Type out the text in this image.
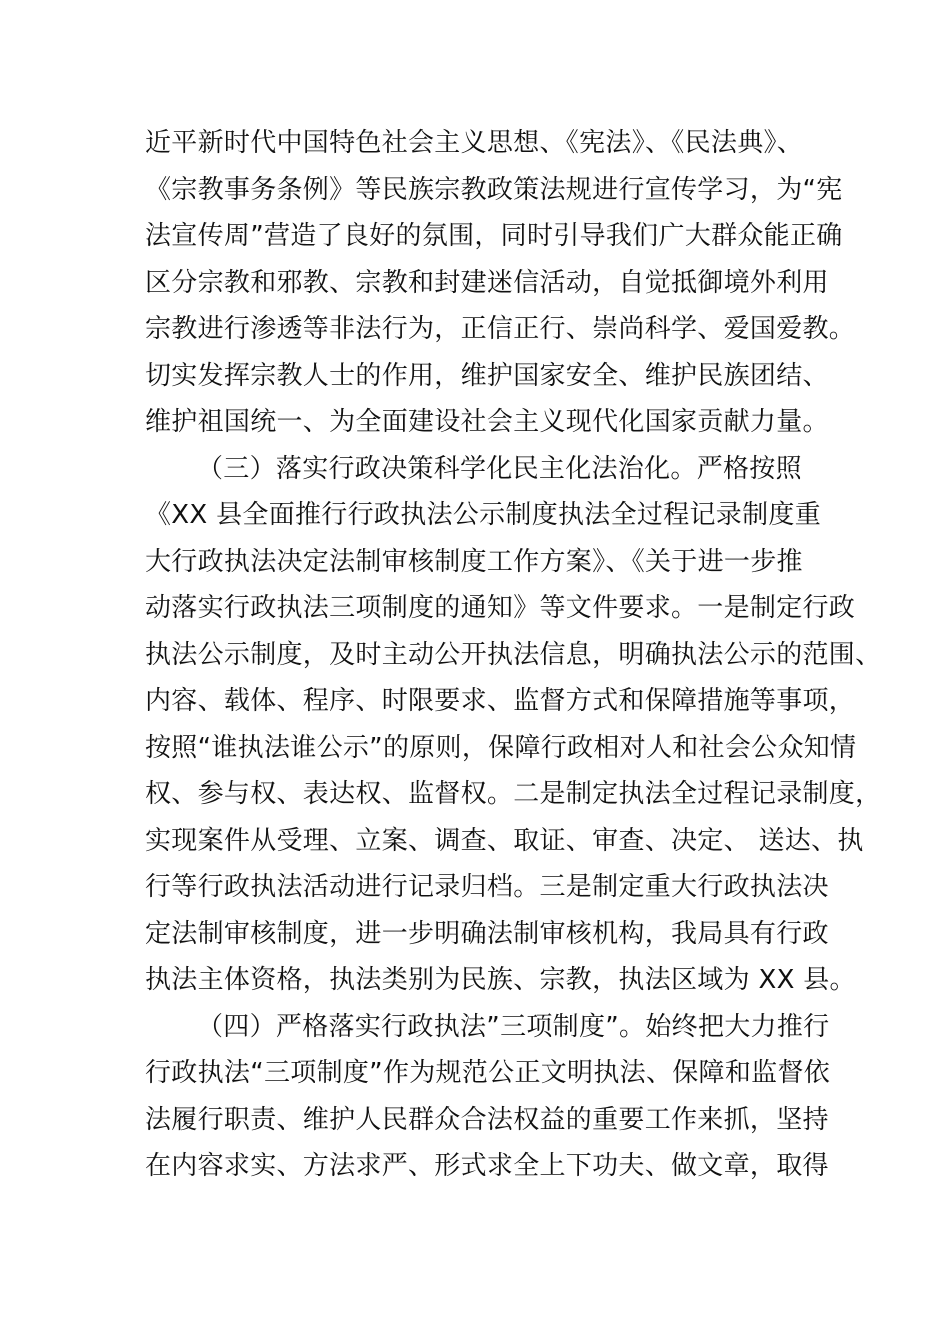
近平新时代中国特色社会主义思想、《宪法》、《民法典》、
《宗教事务条例》等民族宗教政策法规进行宣传学习，为“宪
法宣传周”营造了良好的氛围，同时引导我们广大群众能正确
区分宗教和邪教、宗教和封建迷信活动，自觉抵御境外利用
宗教进行渗透等非法行为，正信正行、崇尚科学、爱国爱教。
切实发挥宗教人士的作用，维护国家安全、维护民族团结、
维护祖国统一、为全面建设社会主义现代化国家贡献力量。
（三）落实行政决策科学化民主化法治化。严格按照
《XX 县全面推行行政执法公示制度执法全过程记录制度重
大行政执法决定法制审核制度工作方案》、《关于进一步推
动落实行政执法三项制度的通知》等文件要求。一是制定行政
执法公示制度，及时主动公开执法信息，明确执法公示的范围、
内容、载体、程序、时限要求、监督方式和保障措施等事项，
按照“谁执法谁公示”的原则，保障行政相对人和社会公众知情
权、参与权、表达权、监督权。二是制定执法全过程记录制度，
实现案件从受理、立案、调查、取证、审查、决定、 送达、执
行等行政执法活动进行记录归档。三是制定重大行政执法决
定法制审核制度，进一步明确法制审核机构，我局具有行政
执法主体资格，执法类别为民族、宗教，执法区域为 XX 县。
（四）严格落实行政执法”三项制度”。始终把大力推行
行政执法“三项制度”作为规范公正文明执法、保障和监督依
法履行职责、维护人民群众合法权益的重要工作来抓，坚持
在内容求实、方法求严、形式求全上下功夫、做文章，取得
